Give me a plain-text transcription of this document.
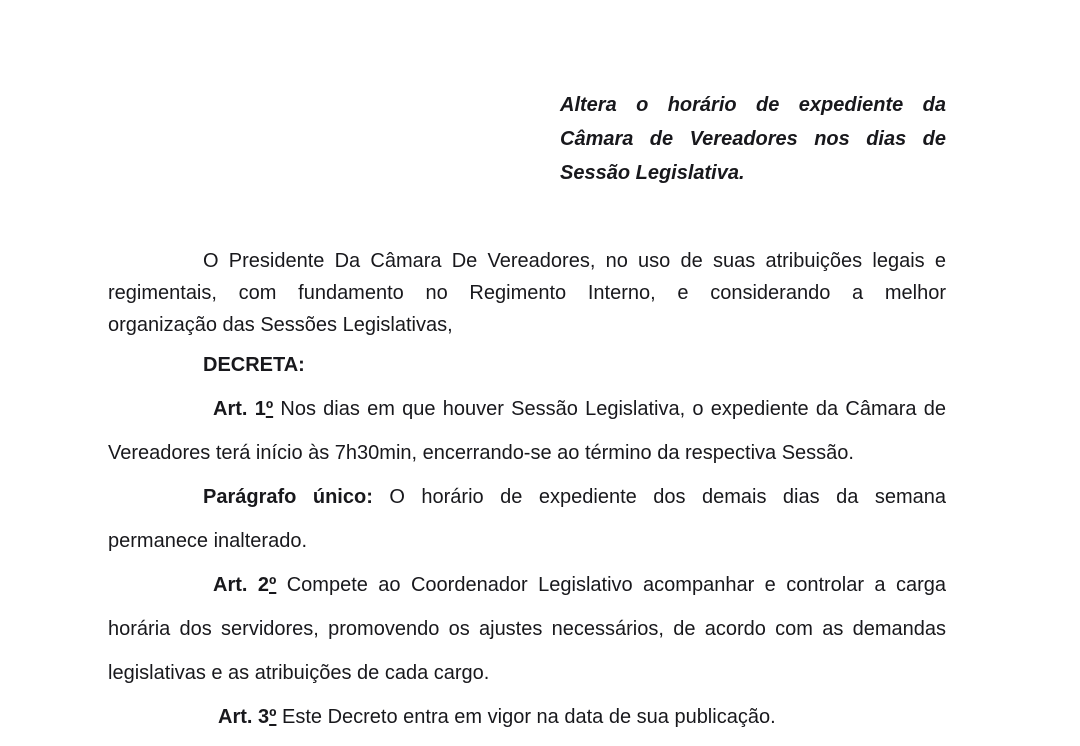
Altera o horário de expediente da
Câmara de Vereadores nos dias de
Sessão Legislativa.
O Presidente Da Câmara De Vereadores, no uso de suas atribuições legais e
regimentais, com fundamento no Regimento Interno, e considerando a melhor
organização das Sessões Legislativas,
DECRETA:
Art. 1º Nos dias em que houver Sessão Legislativa, o expediente da Câmara de
Vereadores terá início às 7h30min, encerrando-se ao término da respectiva Sessão.
Parágrafo único: O horário de expediente dos demais dias da semana
permanece inalterado.
Art. 2º Compete ao Coordenador Legislativo acompanhar e controlar a carga
horária dos servidores, promovendo os ajustes necessários, de acordo com as demandas
legislativas e as atribuições de cada cargo.
Art. 3º Este Decreto entra em vigor na data de sua publicação.
